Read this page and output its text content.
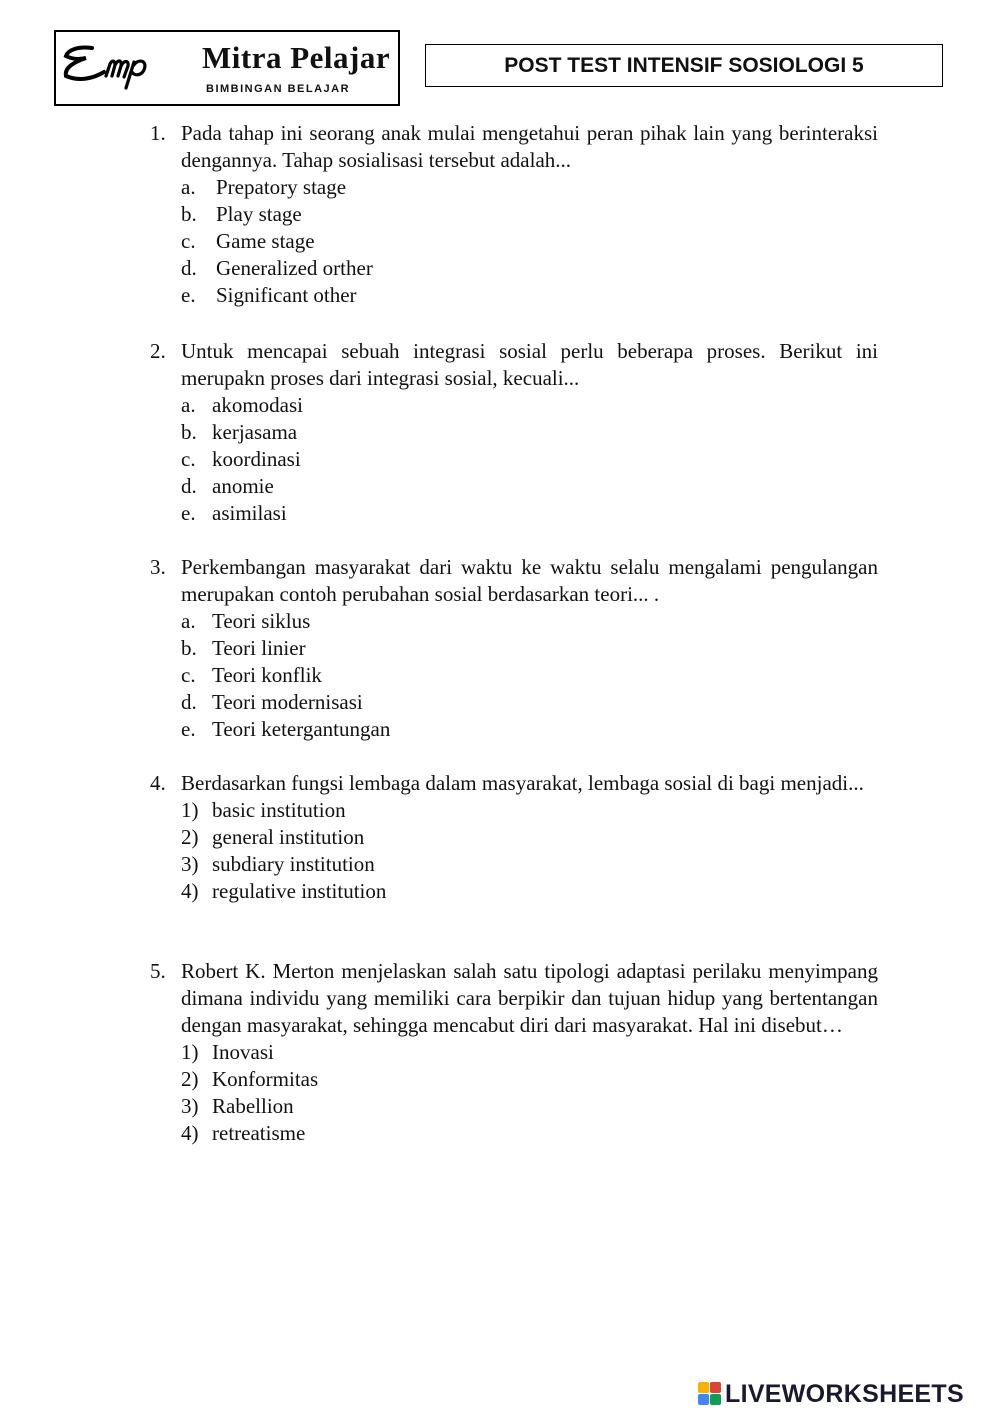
Mitra Pelajar
BIMBINGAN BELAJAR
POST TEST INTENSIF SOSIOLOGI 5
1. Pada tahap ini seorang anak mulai mengetahui peran pihak lain yang berinteraksi dengannya. Tahap sosialisasi tersebut adalah...
a. Prepatory stage
b. Play stage
c. Game stage
d. Generalized orther
e. Significant other
2. Untuk mencapai sebuah integrasi sosial perlu beberapa proses. Berikut ini merupakn proses dari integrasi sosial, kecuali...
a. akomodasi
b. kerjasama
c. koordinasi
d. anomie
e. asimilasi
3. Perkembangan masyarakat dari waktu ke waktu selalu mengalami pengulangan merupakan contoh perubahan sosial berdasarkan teori... .
a. Teori siklus
b. Teori linier
c. Teori konflik
d. Teori modernisasi
e. Teori ketergantungan
4. Berdasarkan fungsi lembaga dalam masyarakat, lembaga sosial di bagi menjadi...
1) basic institution
2) general institution
3) subdiary institution
4) regulative institution
5. Robert K. Merton menjelaskan salah satu tipologi adaptasi perilaku menyimpang dimana individu yang memiliki cara berpikir dan tujuan hidup yang bertentangan dengan masyarakat, sehingga mencabut diri dari masyarakat. Hal ini disebut…
1) Inovasi
2) Konformitas
3) Rabellion
4) retreatisme
LIVEWORKSHEETS
